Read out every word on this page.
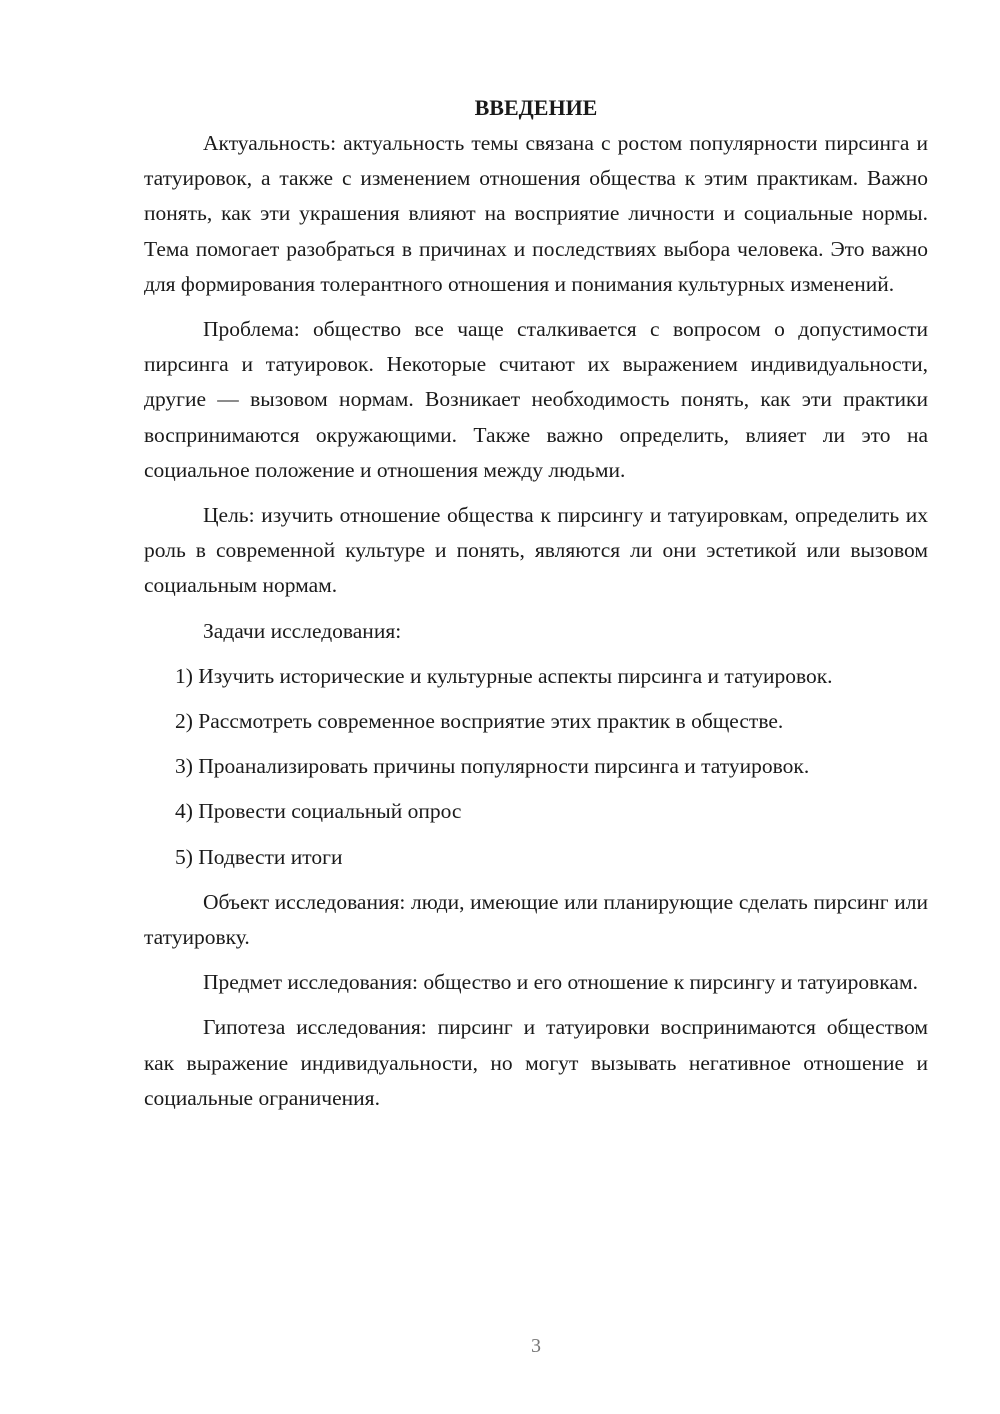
ВВЕДЕНИЕ

Актуальность: актуальность темы связана с ростом популярности пирсинга и татуировок, а также с изменением отношения общества к этим практикам. Важно понять, как эти украшения влияют на восприятие личности и социальные нормы. Тема помогает разобраться в причинах и последствиях выбора человека. Это важно для формирования толерантного отношения и понимания культурных изменений.

Проблема: общество все чаще сталкивается с вопросом о допустимости пирсинга и татуировок. Некоторые считают их выражением индивидуальности, другие — вызовом нормам. Возникает необходимость понять, как эти практики воспринимаются окружающими. Также важно определить, влияет ли это на социальное положение и отношения между людьми.

Цель: изучить отношение общества к пирсингу и татуировкам, определить их роль в современной культуре и понять, являются ли они эстетикой или вызовом социальным нормам.

Задачи исследования:

1) Изучить исторические и культурные аспекты пирсинга и татуировок.

2) Рассмотреть современное восприятие этих практик в обществе.

3) Проанализировать причины популярности пирсинга и татуировок.

4) Провести социальный опрос

5) Подвести итоги

Объект исследования: люди, имеющие или планирующие сделать пирсинг или татуировку.

Предмет исследования: общество и его отношение к пирсингу и татуировкам.

Гипотеза исследования: пирсинг и татуировки воспринимаются обществом как выражение индивидуальности, но могут вызывать негативное отношение и социальные ограничения.

3
